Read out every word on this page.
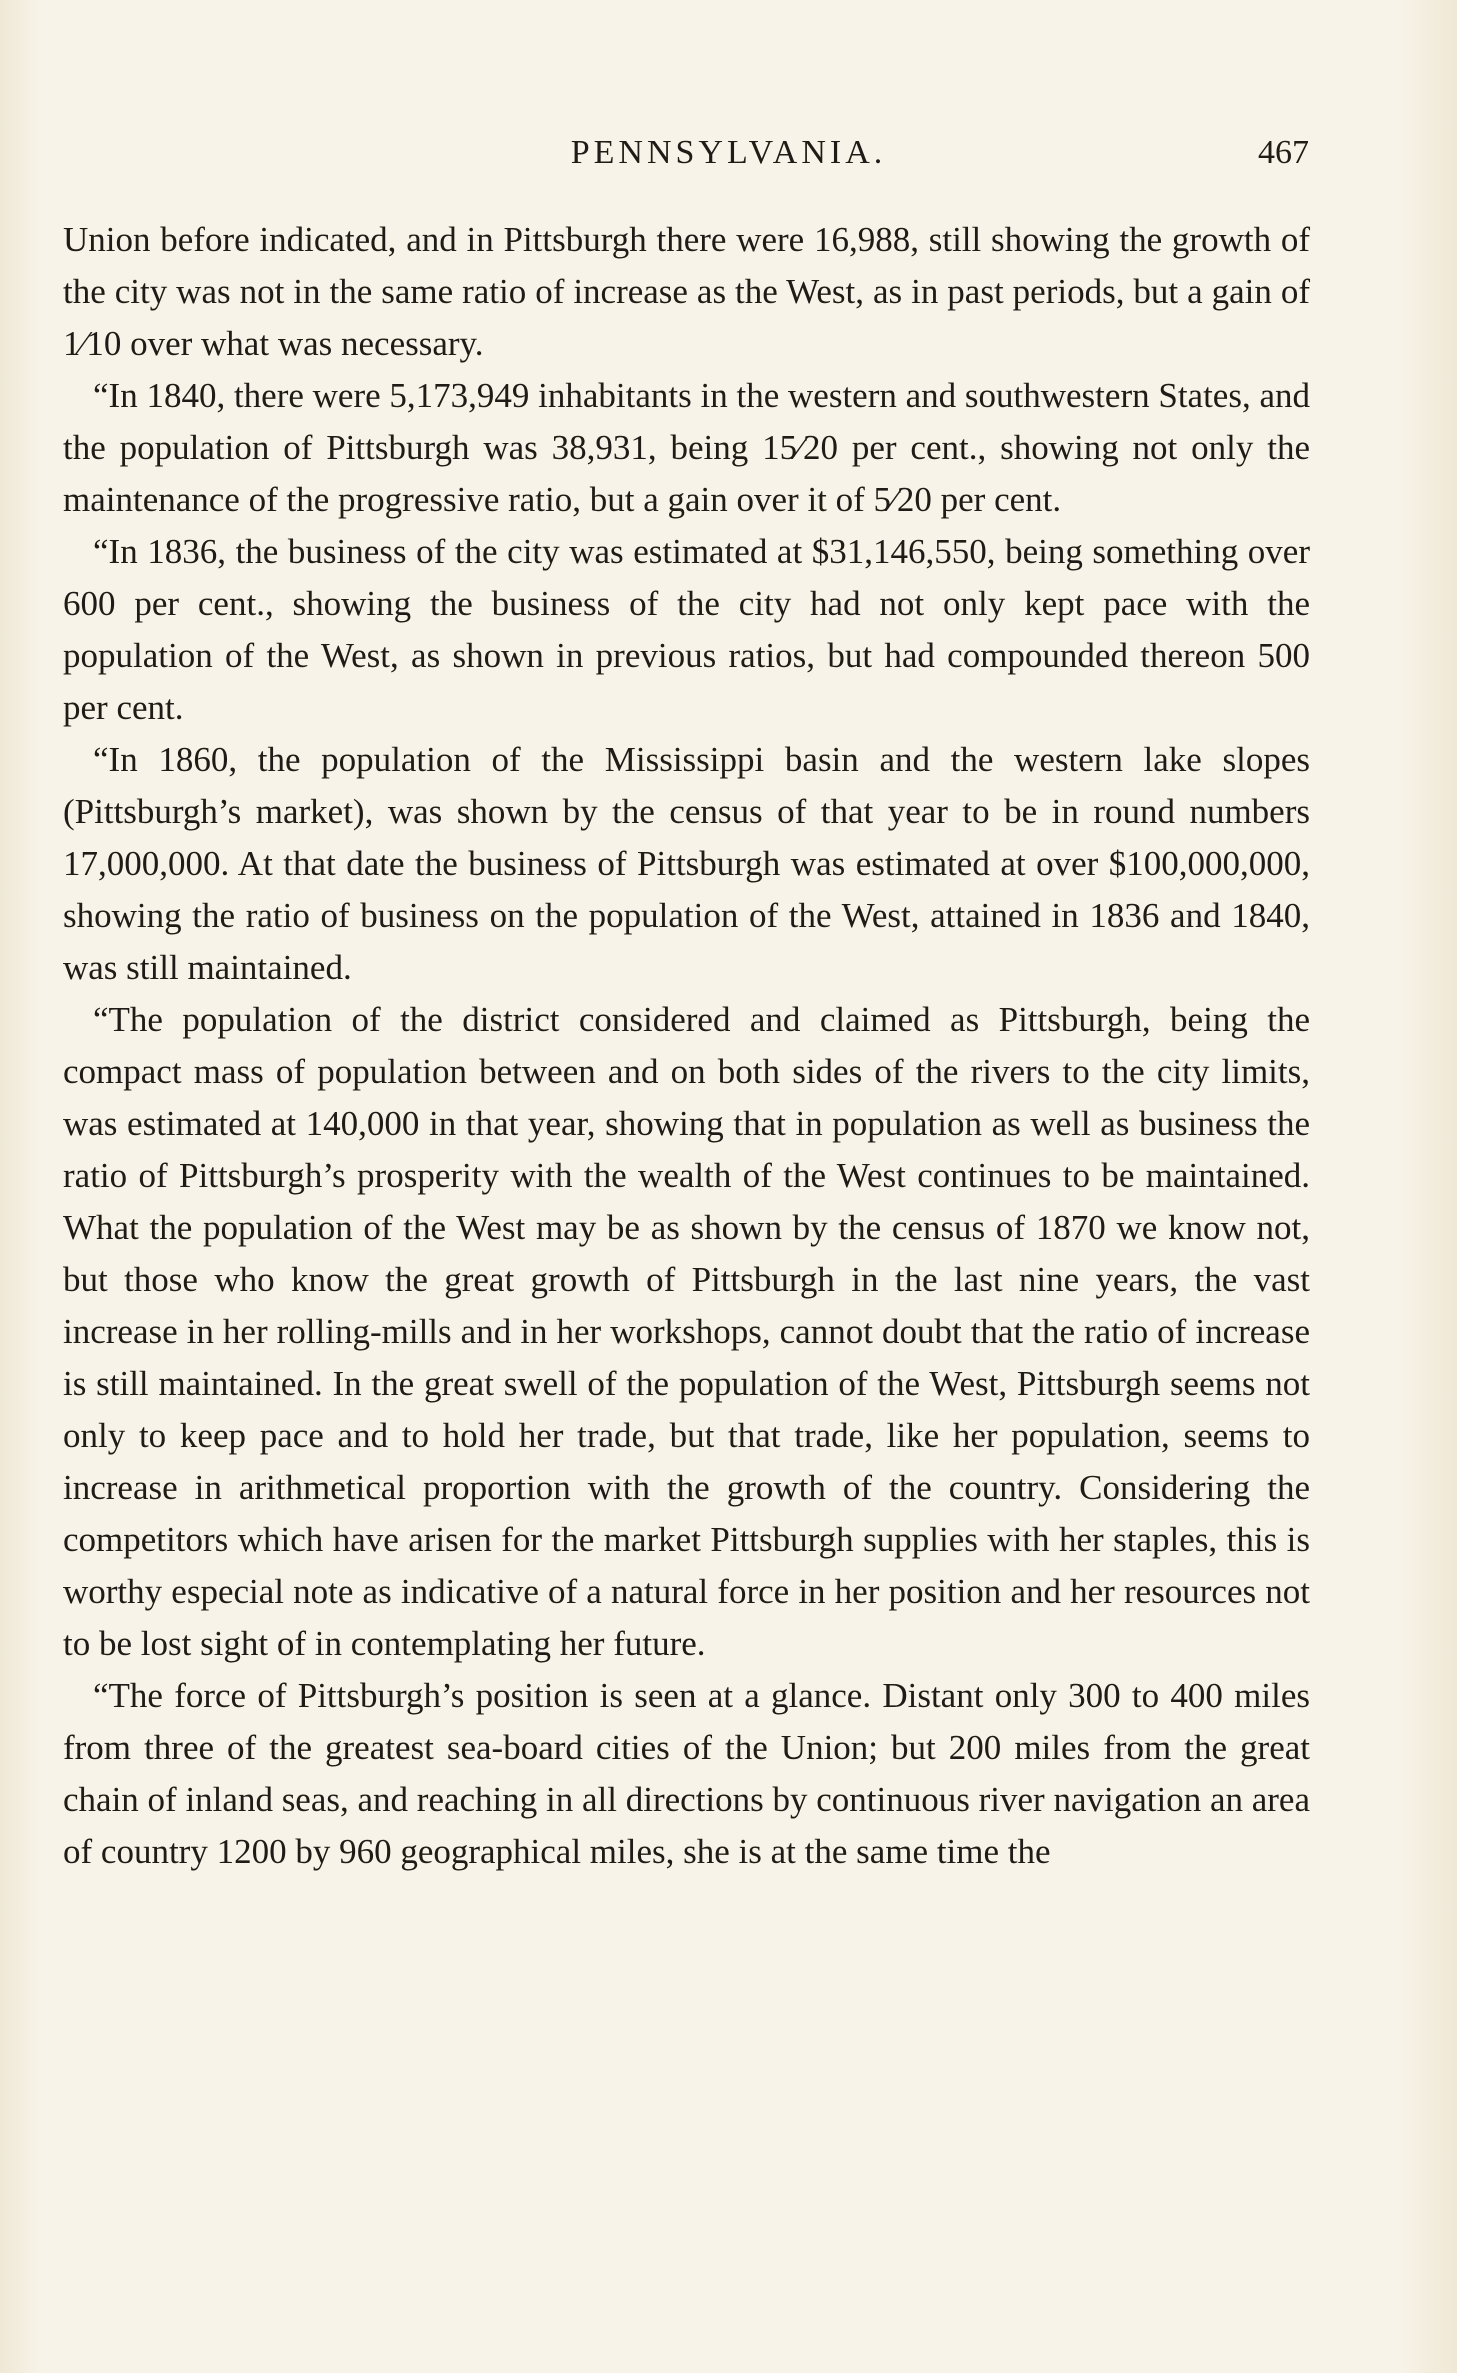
PENNSYLVANIA.	467

Union before indicated, and in Pittsburgh there were 16,988, still showing the growth of the city was not in the same ratio of increase as the West, as in past periods, but a gain of 1⁄10 over what was necessary.

“In 1840, there were 5,173,949 inhabitants in the western and southwestern States, and the population of Pittsburgh was 38,931, being 15⁄20 per cent., showing not only the maintenance of the progressive ratio, but a gain over it of 5⁄20 per cent.

“In 1836, the business of the city was estimated at $31,146,550, being something over 600 per cent., showing the business of the city had not only kept pace with the population of the West, as shown in previous ratios, but had compounded thereon 500 per cent.

“In 1860, the population of the Mississippi basin and the western lake slopes (Pittsburgh’s market), was shown by the census of that year to be in round numbers 17,000,000. At that date the business of Pittsburgh was estimated at over $100,000,000, showing the ratio of business on the population of the West, attained in 1836 and 1840, was still maintained.

“The population of the district considered and claimed as Pittsburgh, being the compact mass of population between and on both sides of the rivers to the city limits, was estimated at 140,000 in that year, showing that in population as well as business the ratio of Pittsburgh’s prosperity with the wealth of the West continues to be maintained. What the population of the West may be as shown by the census of 1870 we know not, but those who know the great growth of Pittsburgh in the last nine years, the vast increase in her rolling-mills and in her workshops, cannot doubt that the ratio of increase is still maintained. In the great swell of the population of the West, Pittsburgh seems not only to keep pace and to hold her trade, but that trade, like her population, seems to increase in arithmetical proportion with the growth of the country. Considering the competitors which have arisen for the market Pittsburgh supplies with her staples, this is worthy especial note as indicative of a natural force in her position and her resources not to be lost sight of in contemplating her future.

“The force of Pittsburgh’s position is seen at a glance. Distant only 300 to 400 miles from three of the greatest sea-board cities of the Union; but 200 miles from the great chain of inland seas, and reaching in all directions by continuous river navigation an area of country 1200 by 960 geographical miles, she is at the same time the
